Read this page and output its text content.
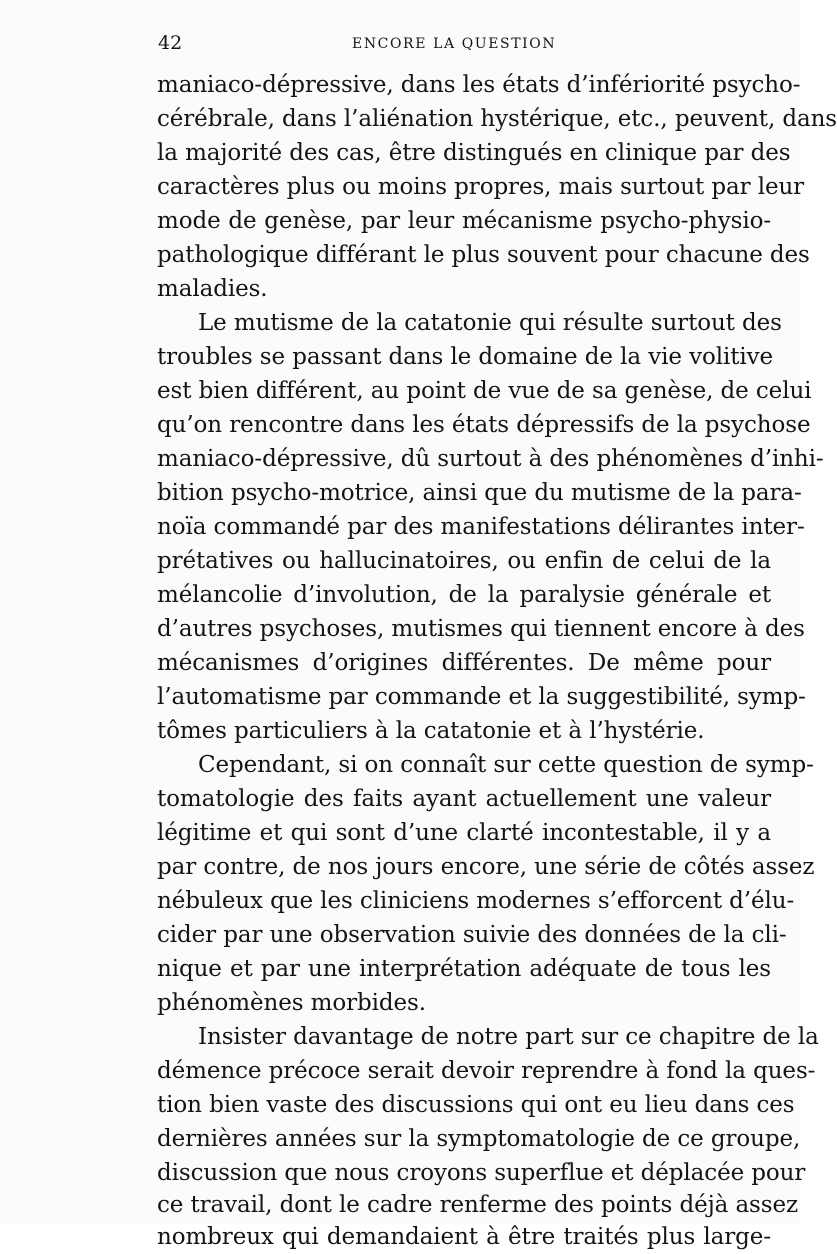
42	ENCORE LA QUESTION
maniaco-dépressive, dans les états d’infériorité psycho-
cérébrale, dans l’aliénation hystérique, etc., peuvent, dans
la majorité des cas, être distingués en clinique par des
caractères plus ou moins propres, mais surtout par leur
mode de genèse, par leur mécanisme psycho-physio-
pathologique différant le plus souvent pour chacune des
maladies.
Le mutisme de la catatonie qui résulte surtout des
troubles se passant dans le domaine de la vie volitive
est bien différent, au point de vue de sa genèse, de celui
qu’on rencontre dans les états dépressifs de la psychose
maniaco-dépressive, dû surtout à des phénomènes d’inhi-
bition psycho-motrice, ainsi que du mutisme de la para-
noïa commandé par des manifestations délirantes inter-
prétatives ou hallucinatoires, ou enfin de celui de la
mélancolie d’involution, de la paralysie générale et
d’autres psychoses, mutismes qui tiennent encore à des
mécanismes d’origines différentes. De même pour
l’automatisme par commande et la suggestibilité, symp-
tômes particuliers à la catatonie et à l’hystérie.
Cependant, si on connaît sur cette question de symp-
tomatologie des faits ayant actuellement une valeur
légitime et qui sont d’une clarté incontestable, il y a
par contre, de nos jours encore, une série de côtés assez
nébuleux que les cliniciens modernes s’efforcent d’élu-
cider par une observation suivie des données de la cli-
nique et par une interprétation adéquate de tous les
phénomènes morbides.
Insister davantage de notre part sur ce chapitre de la
démence précoce serait devoir reprendre à fond la ques-
tion bien vaste des discussions qui ont eu lieu dans ces
dernières années sur la symptomatologie de ce groupe,
discussion que nous croyons superflue et déplacée pour
ce travail, dont le cadre renferme des points déjà assez
nombreux qui demandaient à être traités plus large-
